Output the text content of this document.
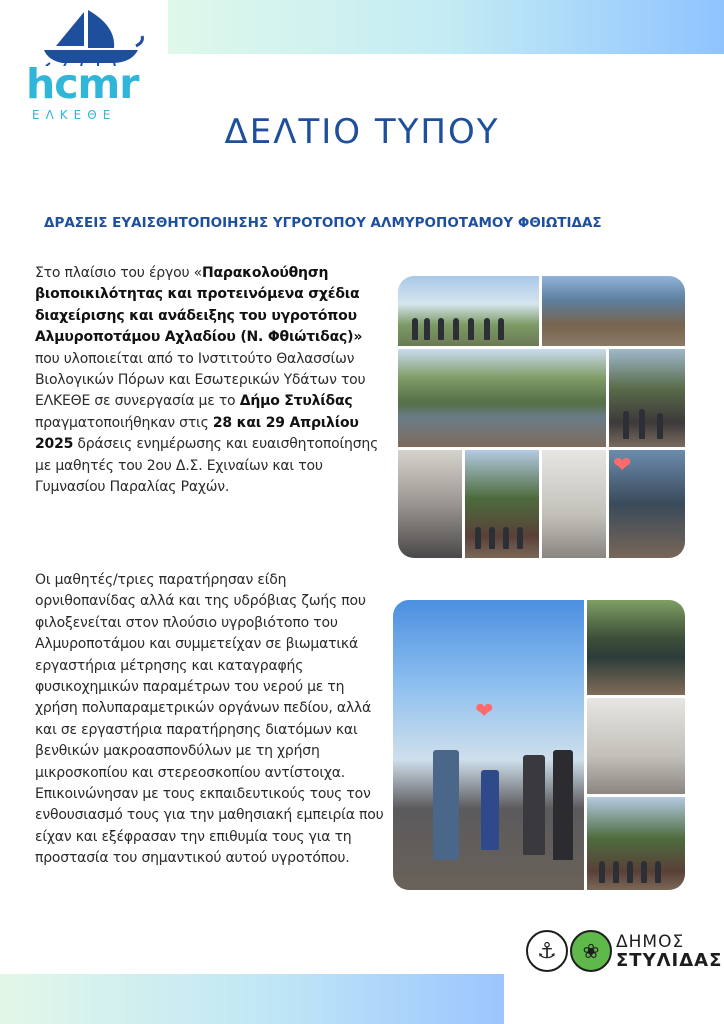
hcmr
ΕΛΚΕΘΕ	ΔΕΛΤΙΟ ΤΥΠΟΥ
ΔΡΑΣΕΙΣ ΕΥΑΙΣΘΗΤΟΠΟΙΗΣΗΣ ΥΓΡΟΤΟΠΟΥ ΑΛΜΥΡΟΠΟΤΑΜΟΥ ΦΘΙΩΤΙΔΑΣ
Στο πλαίσιο του έργου «Παρακολούθηση βιοποικιλότητας και προτεινόμενα σχέδια διαχείρισης και ανάδειξης του υγροτόπου Αλμυροποτάμου Αχλαδίου (Ν. Φθιώτιδας)» που υλοποιείται από το Ινστιτούτο Θαλασσίων Βιολογικών Πόρων και Εσωτερικών Υδάτων του ΕΛΚΕΘΕ σε συνεργασία με το Δήμο Στυλίδας πραγματοποιήθηκαν στις 28 και 29 Απριλίου 2025 δράσεις ενημέρωσης και ευαισθητοποίησης με μαθητές του 2ου Δ.Σ. Εχιναίων και του Γυμνασίου Παραλίας Ραχών.
Οι μαθητές/τριες παρατήρησαν είδη ορνιθοπανίδας αλλά και της υδρόβιας ζωής που φιλοξενείται στον πλούσιο υγροβιότοπο του Αλμυροποτάμου και συμμετείχαν σε βιωματικά εργαστήρια μέτρησης και καταγραφής φυσικοχημικών παραμέτρων του νερού με τη χρήση πολυπαραμετρικών οργάνων πεδίου, αλλά και σε εργαστήρια παρατήρησης διατόμων και βενθικών μακροασπονδύλων με τη χρήση μικροσκοπίου και στερεοσκοπίου αντίστοιχα. Επικοινώνησαν με τους εκπαιδευτικούς τους τον ενθουσιασμό τους για την μαθησιακή εμπειρία που είχαν και εξέφρασαν την επιθυμία τους για τη προστασία του σημαντικού αυτού υγροτόπου.
❤
❤
⚓	❀ ΔΗΜΟΣ
ΣΤΥΛΙΔΑΣ
